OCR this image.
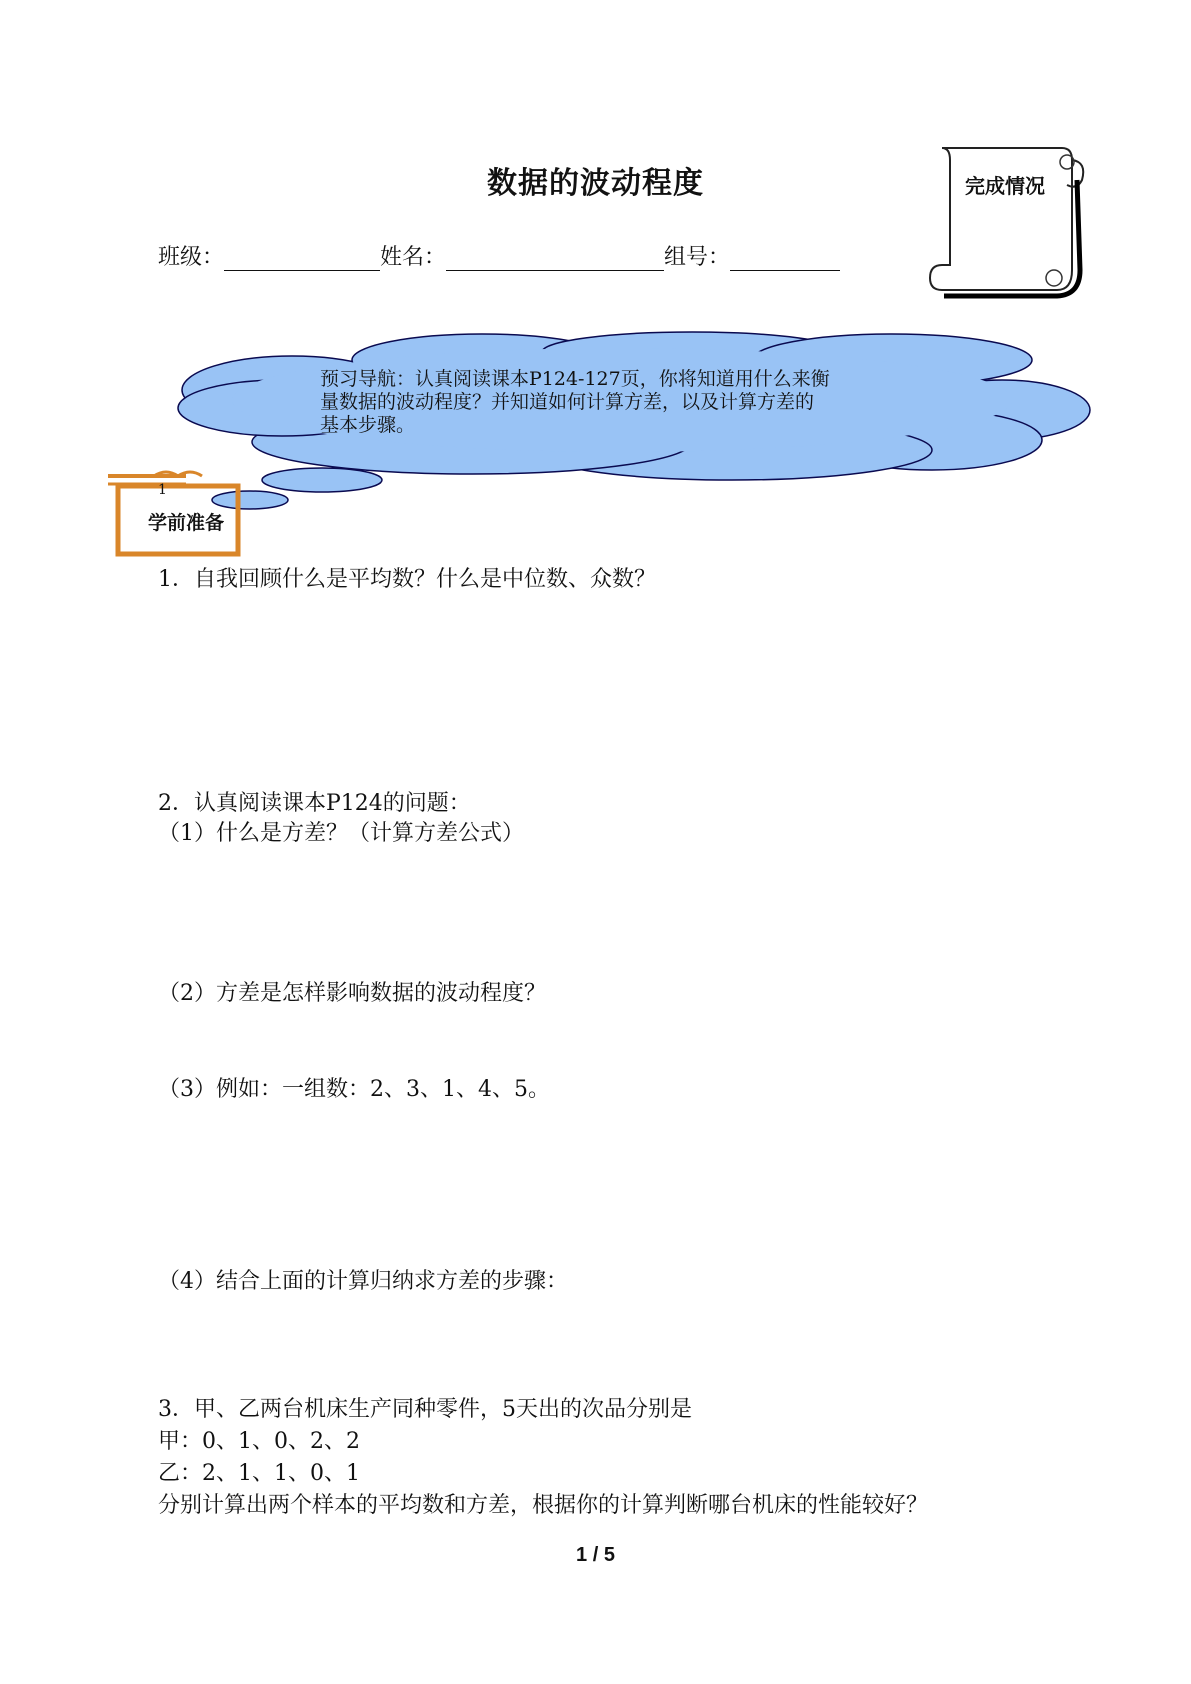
数据的波动程度	完成情况
班级：	姓名：	组号：
预习导航：认真阅读课本P124-127页，你将知道用什么来衡
量数据的波动程度？并知道如何计算方差，以及计算方差的
基本步骤。
1
学前准备
1．自我回顾什么是平均数？什么是中位数、众数？
2．认真阅读课本P124的问题：
（1）什么是方差？（计算方差公式）
（2）方差是怎样影响数据的波动程度？
（3）例如：一组数：2、3、1、4、5。
（4）结合上面的计算归纳求方差的步骤：
3．甲、乙两台机床生产同种零件，5天出的次品分别是
甲：0、1、0、2、2
乙：2、1、1、0、1
分别计算出两个样本的平均数和方差，根据你的计算判断哪台机床的性能较好？
1 / 5
